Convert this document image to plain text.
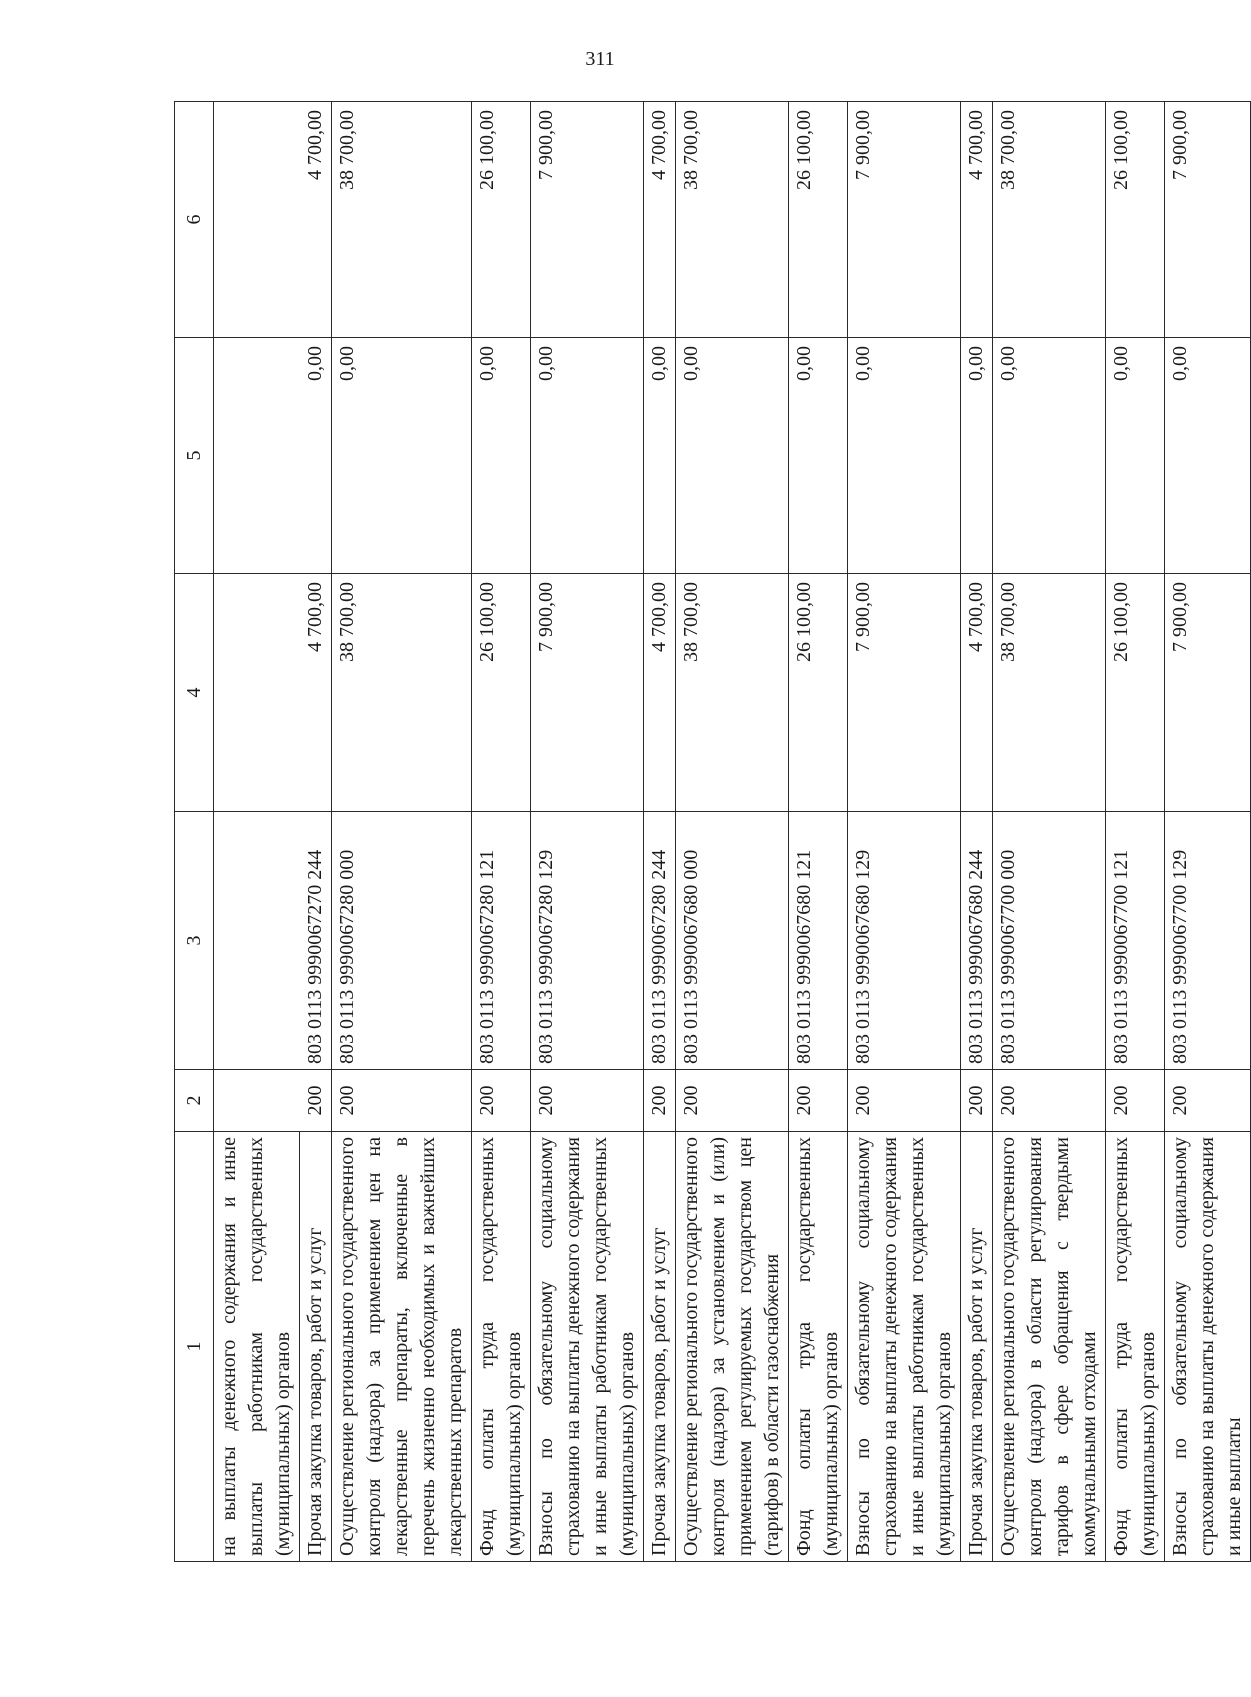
311
1	2	3	4	5	6
на выплаты денежного содержания и иные выплаты работникам государственных (муниципальных) органов					
Прочая закупка товаров, работ и услуг	200	803 0113 9990067270 244	4 700,00	0,00	4 700,00
Осуществление регионального государственного контроля (надзора) за применением цен на лекарственные препараты, включенные в перечень жизненно необходимых и важнейших лекарственных препаратов	200	803 0113 9990067280 000	38 700,00	0,00	38 700,00
Фонд оплаты труда государственных (муниципальных) органов	200	803 0113 9990067280 121	26 100,00	0,00	26 100,00
Взносы по обязательному социальному страхованию на выплаты денежного содержания и иные выплаты работникам государственных (муниципальных) органов	200	803 0113 9990067280 129	7 900,00	0,00	7 900,00
Прочая закупка товаров, работ и услуг	200	803 0113 9990067280 244	4 700,00	0,00	4 700,00
Осуществление регионального государственного контроля (надзора) за установлением и (или) применением регулируемых государством цен (тарифов) в области газоснабжения	200	803 0113 9990067680 000	38 700,00	0,00	38 700,00
Фонд оплаты труда государственных (муниципальных) органов	200	803 0113 9990067680 121	26 100,00	0,00	26 100,00
Взносы по обязательному социальному страхованию на выплаты денежного содержания и иные выплаты работникам государственных (муниципальных) органов	200	803 0113 9990067680 129	7 900,00	0,00	7 900,00
Прочая закупка товаров, работ и услуг	200	803 0113 9990067680 244	4 700,00	0,00	4 700,00
Осуществление регионального государственного контроля (надзора) в области регулирования тарифов в сфере обращения с твердыми коммунальными отходами	200	803 0113 9990067700 000	38 700,00	0,00	38 700,00
Фонд оплаты труда государственных (муниципальных) органов	200	803 0113 9990067700 121	26 100,00	0,00	26 100,00
Взносы по обязательному социальному страхованию на выплаты денежного содержания и иные выплаты	200	803 0113 9990067700 129	7 900,00	0,00	7 900,00
